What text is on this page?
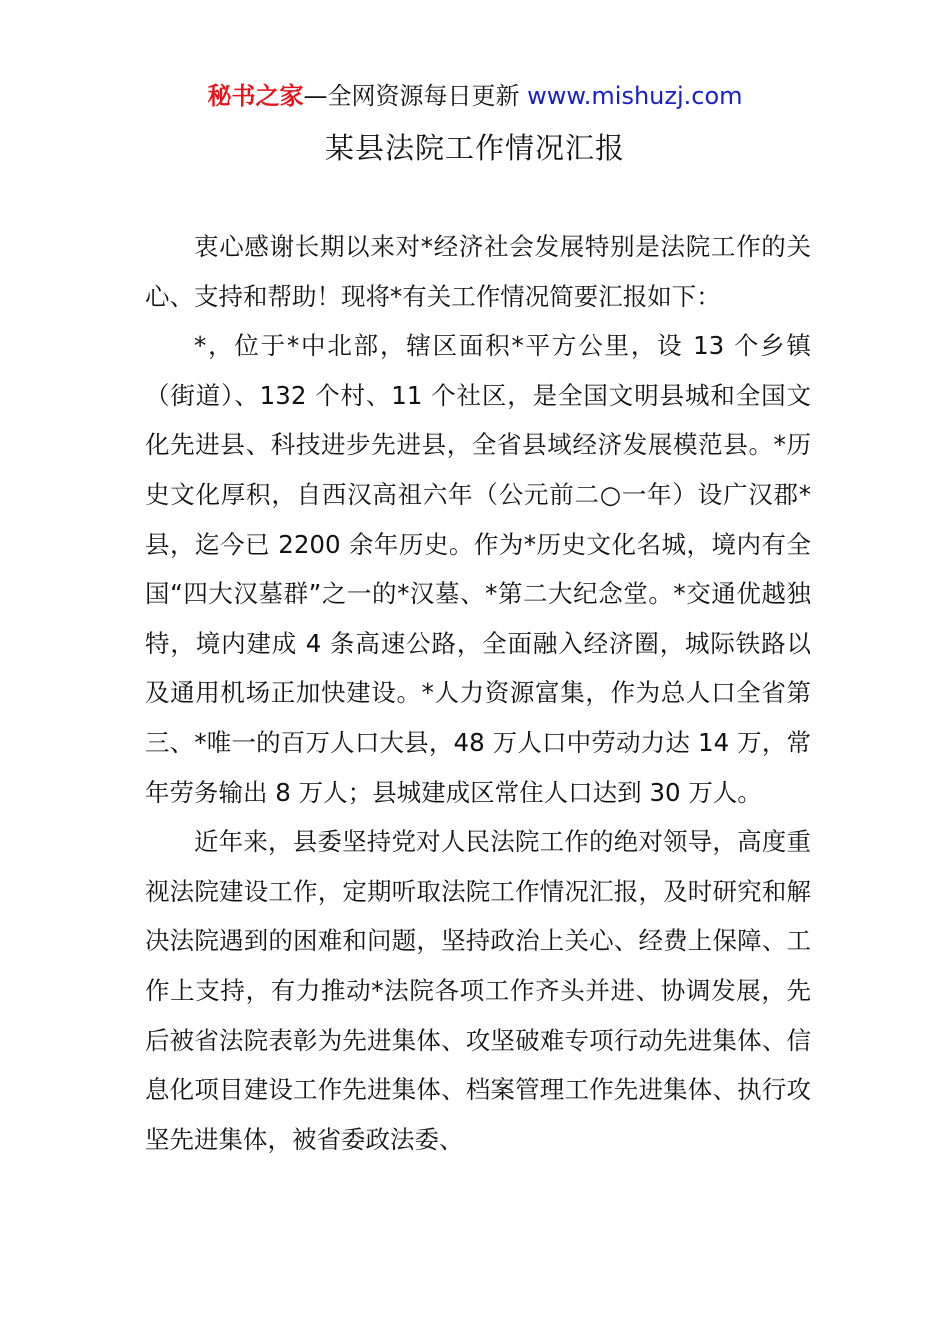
秘书之家—全网资源每日更新 www.mishuzj.com
某县法院工作情况汇报

衷心感谢长期以来对*经济社会发展特别是法院工作的关心、支持和帮助！现将*有关工作情况简要汇报如下：

*，位于*中北部，辖区面积*平方公里，设 13 个乡镇（街道）、132 个村、11 个社区，是全国文明县城和全国文化先进县、科技进步先进县，全省县域经济发展模范县。*历史文化厚积，自西汉高祖六年（公元前二○一年）设广汉郡*县，迄今已 2200 余年历史。作为*历史文化名城，境内有全国“四大汉墓群”之一的*汉墓、*第二大纪念堂。*交通优越独特，境内建成 4 条高速公路，全面融入经济圈，城际铁路以及通用机场正加快建设。*人力资源富集，作为总人口全省第三、*唯一的百万人口大县，48 万人口中劳动力达 14 万，常年劳务输出 8 万人；县城建成区常住人口达到 30 万人。

近年来，县委坚持党对人民法院工作的绝对领导，高度重视法院建设工作，定期听取法院工作情况汇报，及时研究和解决法院遇到的困难和问题，坚持政治上关心、经费上保障、工作上支持，有力推动*法院各项工作齐头并进、协调发展，先后被省法院表彰为先进集体、攻坚破难专项行动先进集体、信息化项目建设工作先进集体、档案管理工作先进集体、执行攻坚先进集体，被省委政法委、
